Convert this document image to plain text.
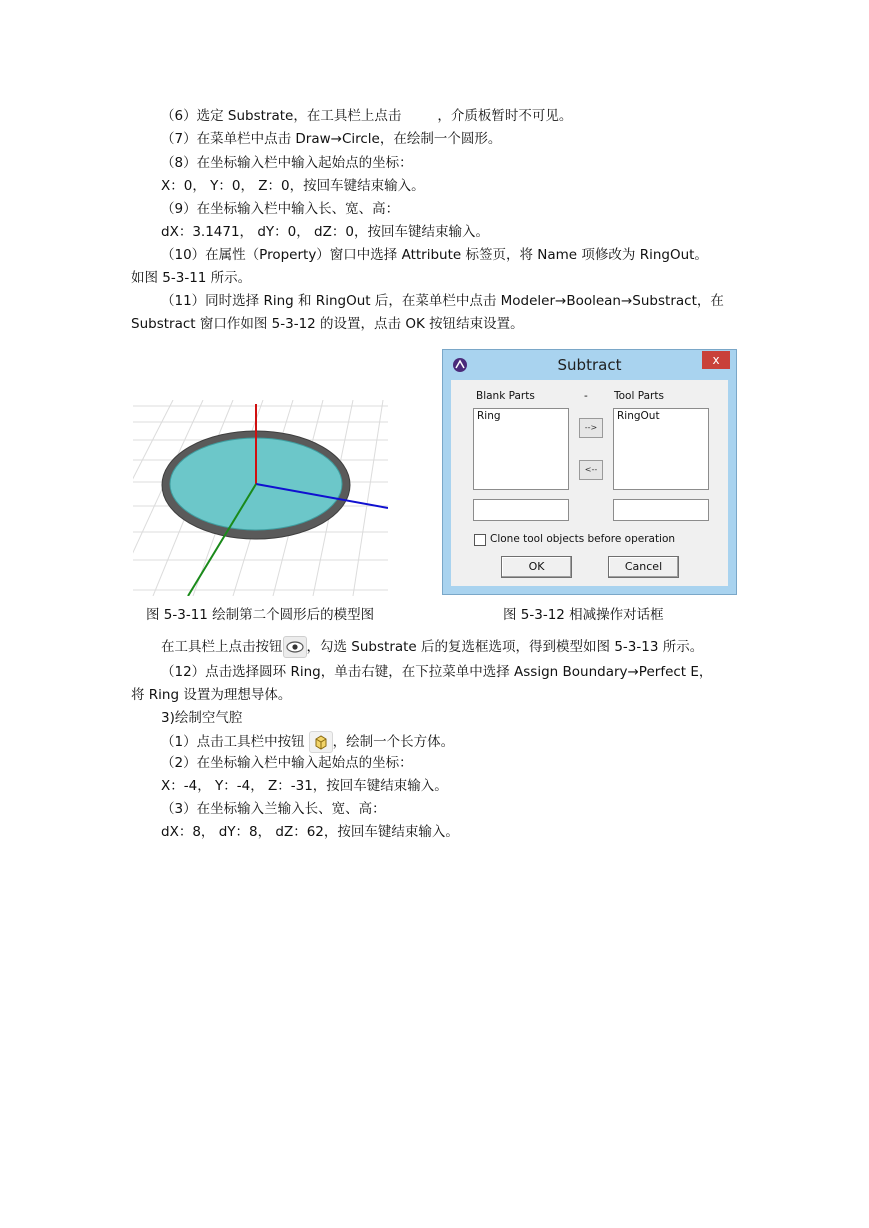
（6）选定 Substrate，在工具栏上点击	，介质板暂时不可见。
（7）在菜单栏中点击 Draw→Circle，在绘制一个圆形。
（8）在坐标输入栏中输入起始点的坐标：
X：0， Y：0， Z：0，按回车键结束输入。
（9）在坐标输入栏中输入长、宽、高：
dX：3.1471， dY：0， dZ：0，按回车键结束输入。
（10）在属性（Property）窗口中选择 Attribute 标签页，将 Name 项修改为 RingOut。
如图 5-3-11 所示。
（11）同时选择 Ring 和 RingOut 后，在菜单栏中点击 Modeler→Boolean→Substract，在
Substract 窗口作如图 5-3-12 的设置，点击 OK 按钮结束设置。
Subtract	x
Blank Parts	- Tool Parts
Ring	RingOut
-->
<--
Clone tool objects before operation
OK	Cancel
图 5-3-11 绘制第二个圆形后的模型图	图 5-3-12 相减操作对话框
在工具栏上点击按钮 ，勾选 Substrate 后的复选框选项，得到模型如图 5-3-13 所示。
（12）点击选择圆环 Ring，单击右键，在下拉菜单中选择 Assign Boundary→Perfect E，
将 Ring 设置为理想导体。
3)绘制空气腔
（1）点击工具栏中按钮 ，绘制一个长方体。
（2）在坐标输入栏中输入起始点的坐标：
X：-4， Y：-4， Z：-31，按回车键结束输入。
（3）在坐标输入兰输入长、宽、高：
dX：8， dY：8， dZ：62，按回车键结束输入。
